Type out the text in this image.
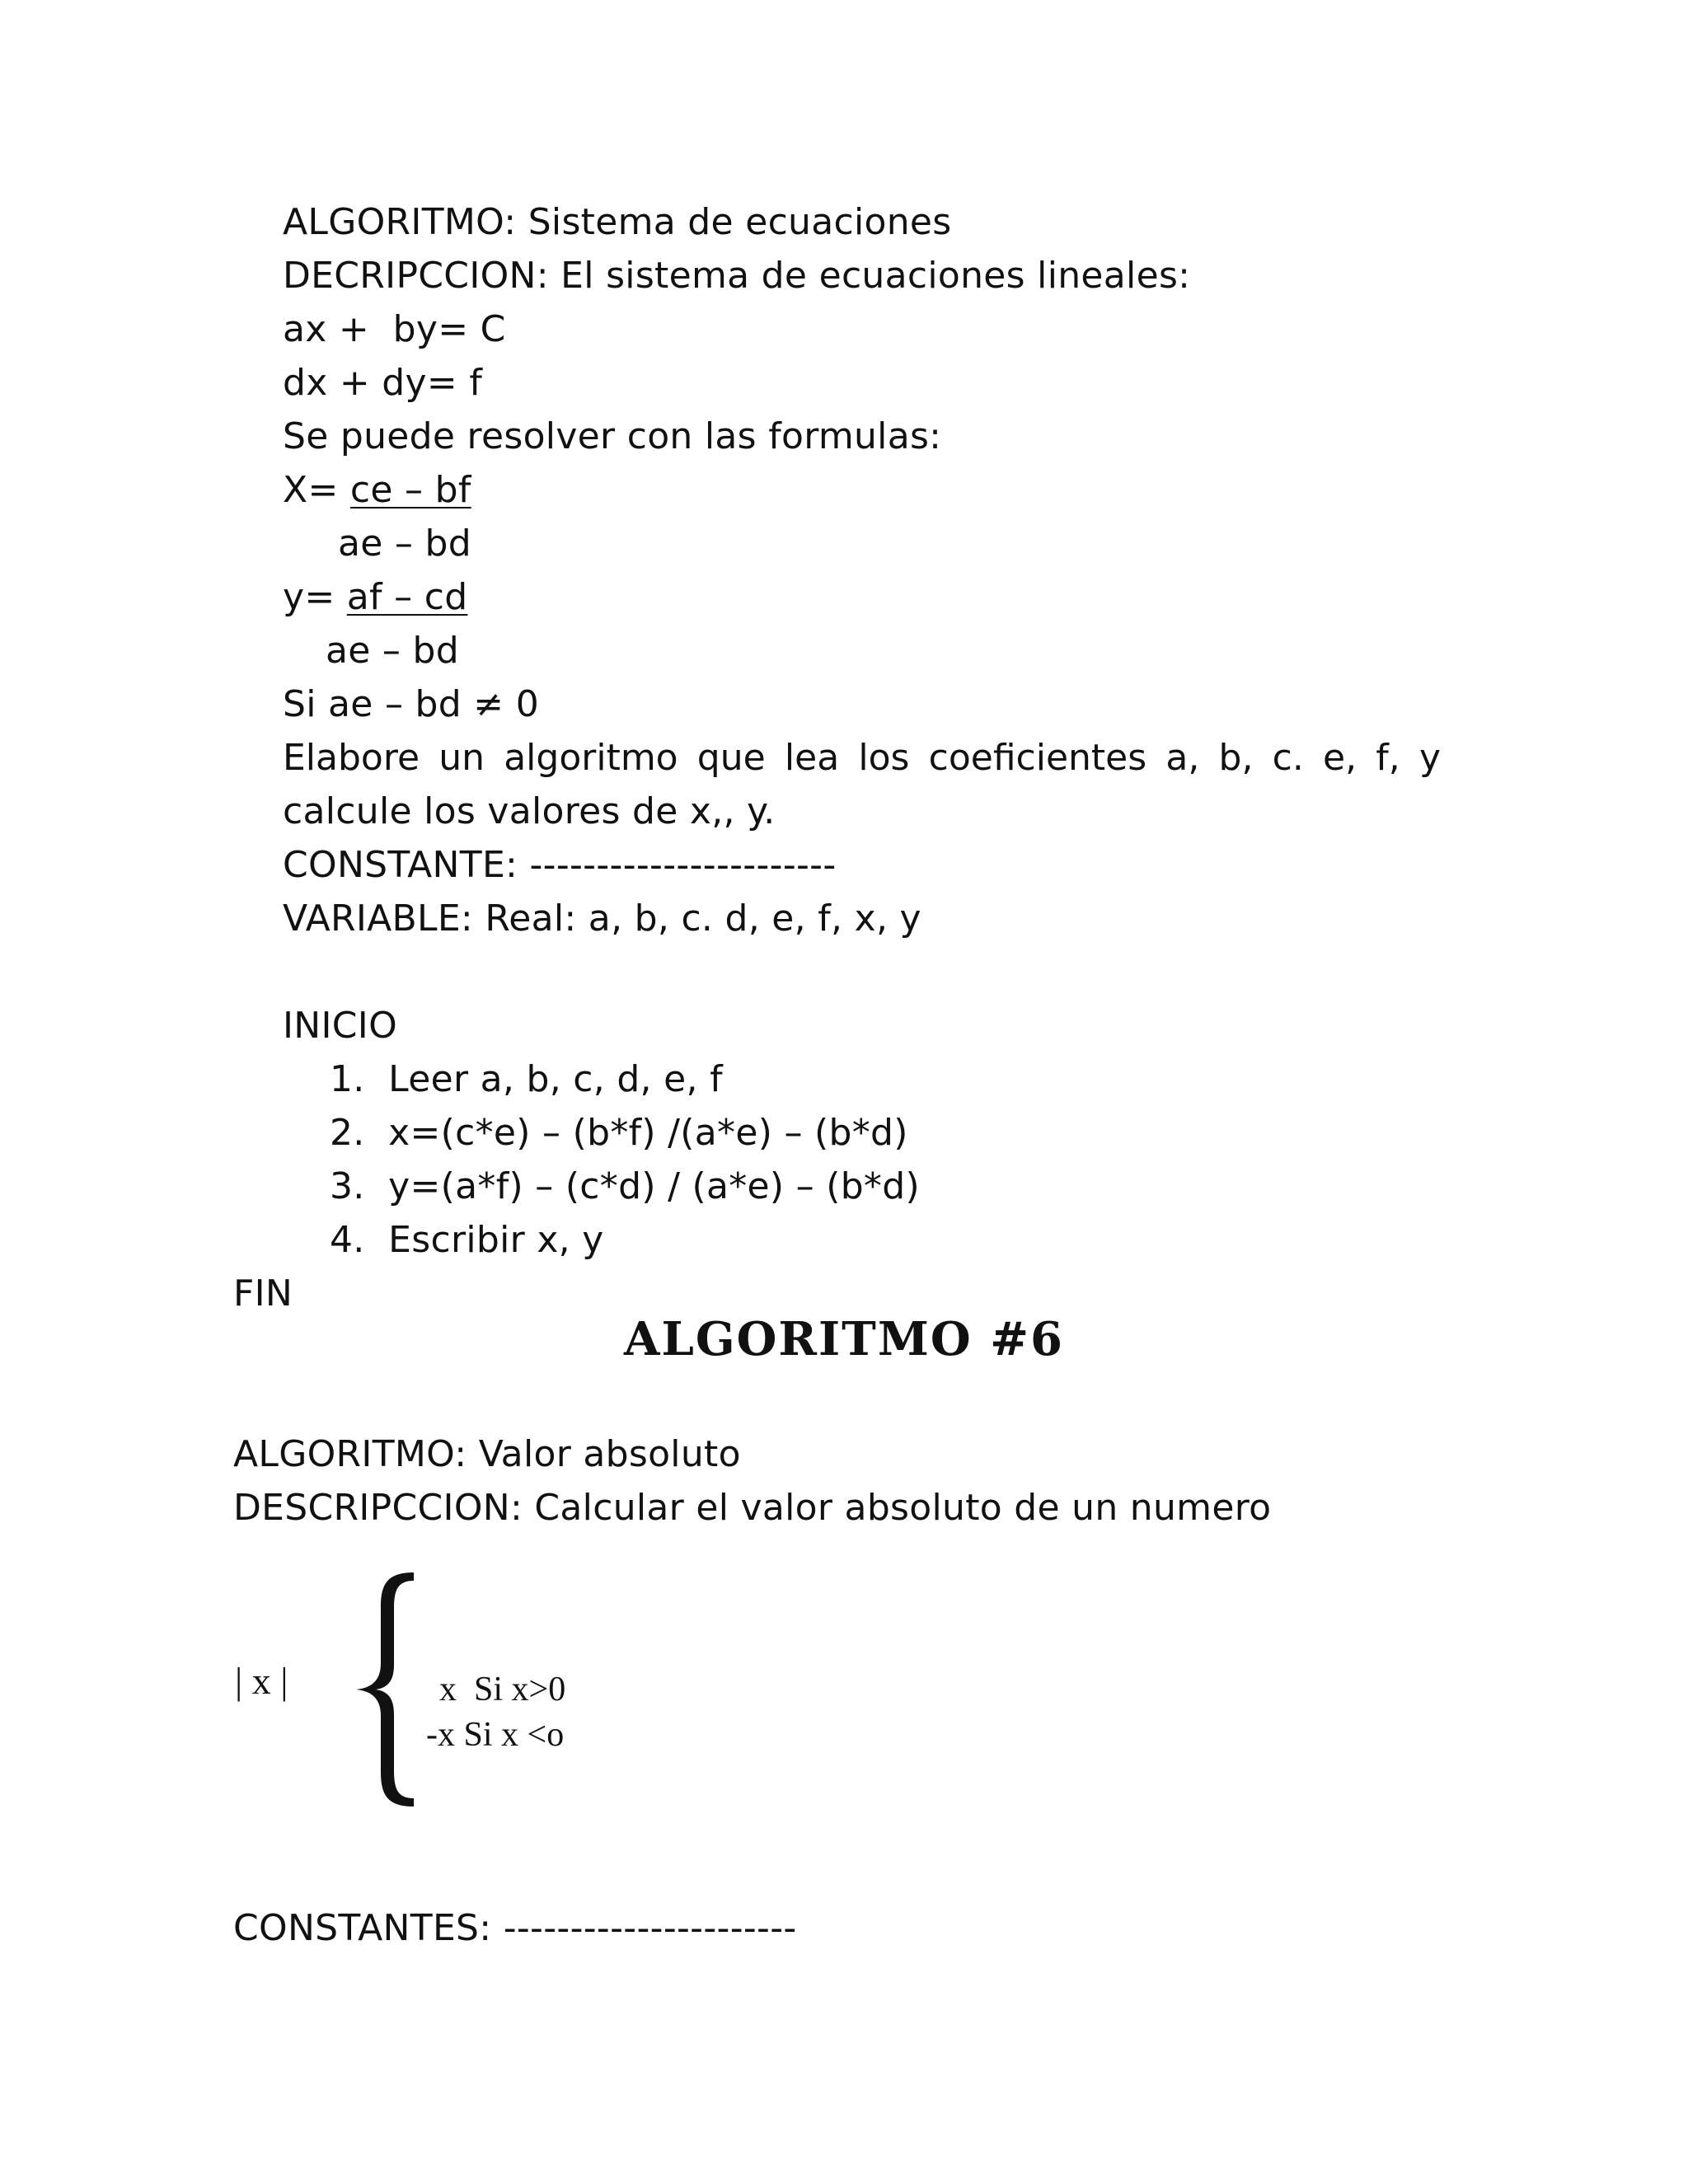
ALGORITMO: Sistema de ecuaciones
DECRIPCCION: El sistema de ecuaciones lineales:
ax +  by= C
dx + dy= f
Se puede resolver con las formulas:
X= ce – bf
ae – bd
y= af – cd
ae – bd
Si ae – bd ≠ 0
Elabore un algoritmo que lea los coeficientes a, b, c. e, f, y
calcule los valores de x,, y.
CONSTANTE: -----------------------
VARIABLE: Real: a, b, c. d, e, f, x, y
INICIO
1. Leer a, b, c, d, e, f
2. x=(c*e) – (b*f) /(a*e) – (b*d)
3. y=(a*f) – (c*d) / (a*e) – (b*d)
4. Escribir x, y
FIN
ALGORITMO #6
ALGORITMO: Valor absoluto
DESCRIPCCION: Calcular el valor absoluto de un numero
| x |	x  Si x>0
-x Si x <o
CONSTANTES: ----------------------
